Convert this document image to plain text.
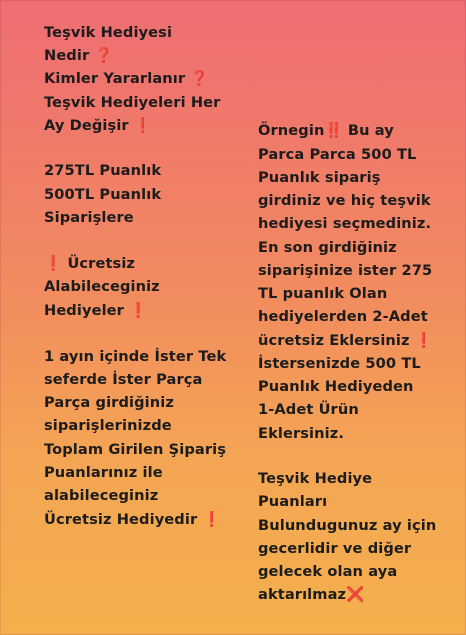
Teşvik Hediyesi
Nedir ❓
Kimler Yararlanır ❓
Teşvik Hediyeleri Her
Ay Değişir ❗
275TL Puanlık
500TL Puanlık
Siparişlere
❗ Ücretsiz
Alabileceginiz
Hediyeler ❗
1 ayın içinde İster Tek
seferde İster Parça
Parça girdiğiniz
siparişlerinizde
Toplam Girilen Şipariş
Puanlarınız ile
alabileceginiz
Ücretsiz Hediyedir ❗
Örnegin‼️ Bu ay
Parca Parca 500 TL
Puanlık sipariş
girdiniz ve hiç teşvik
hediyesi seçmediniz.
En son girdiğiniz
siparişinize ister 275
TL puanlık Olan
hediyelerden 2-Adet
ücretsiz Eklersiniz ❗
İstersenizde 500 TL
Puanlık Hediyeden
1-Adet Ürün
Eklersiniz.
Teşvik Hediye
Puanları
Bulundugunuz ay için
gecerlidir ve diğer
gelecek olan aya
aktarılmaz❌
